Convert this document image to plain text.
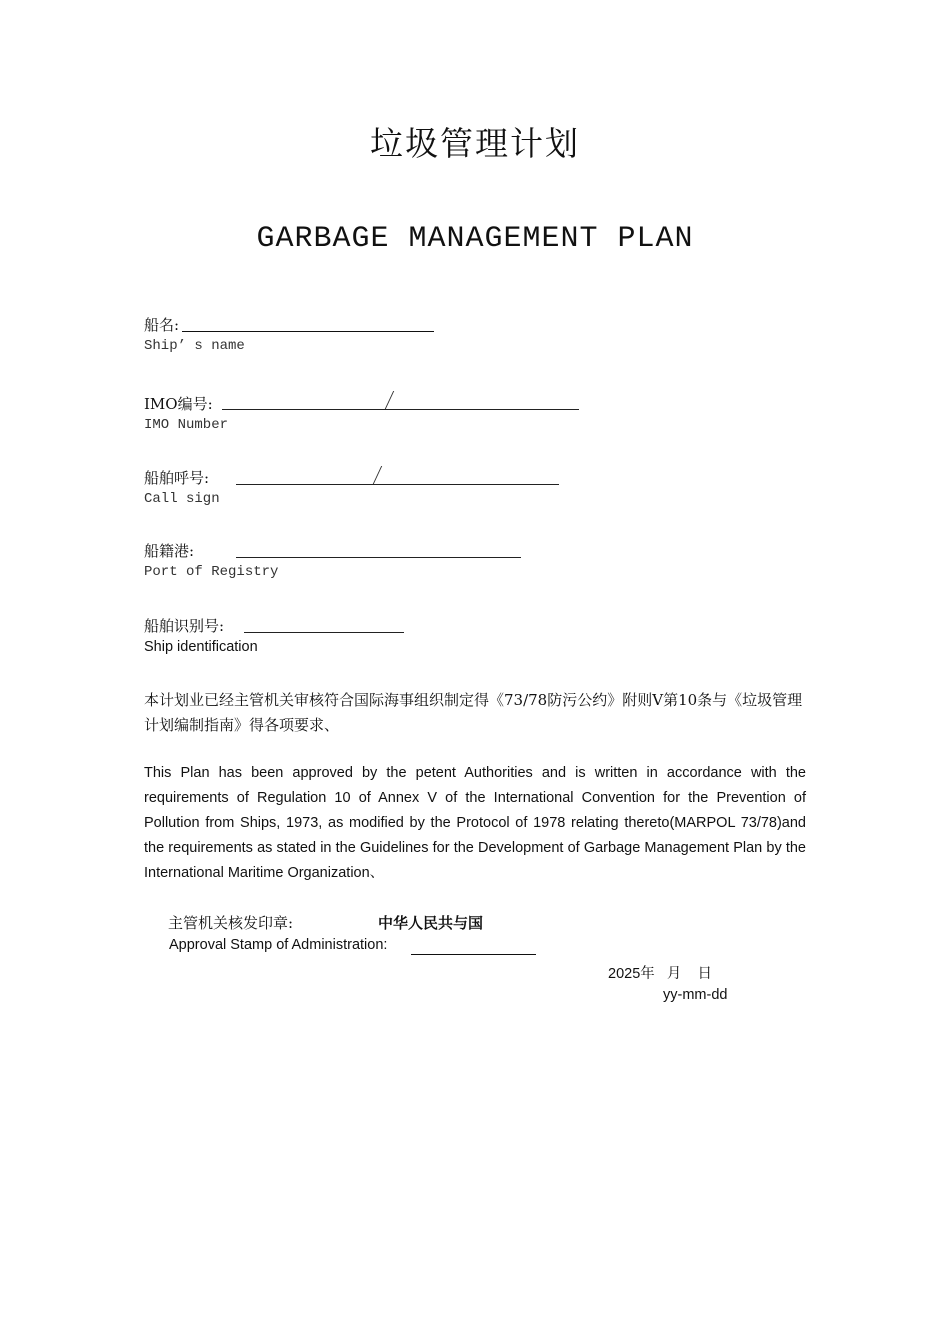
垃圾管理计划
GARBAGE MANAGEMENT PLAN
船名:
Ship’ s name
IMO编号:
IMO Number
船舶呼号:
Call sign
船籍港:
Port of Registry
船舶识别号:
Ship identification
本计划业已经主管机关审核符合国际海事组织制定得《73/78防污公约》附则V第10条与《垃圾管理计划编制指南》得各项要求、
This Plan has been approved by the petent Authorities and is written in accordance with the requirements of Regulation 10 of Annex V of the International Convention for the Prevention of Pollution from Ships, 1973, as modified by the Protocol of 1978 relating thereto(MARPOL 73/78)and the requirements as stated in the Guidelines for the Development of Garbage Management Plan by the International Maritime Organization、
主管机关核发印章:	中华人民共与国
Approval Stamp of Administration:
2025年   月    日
yy-mm-dd
